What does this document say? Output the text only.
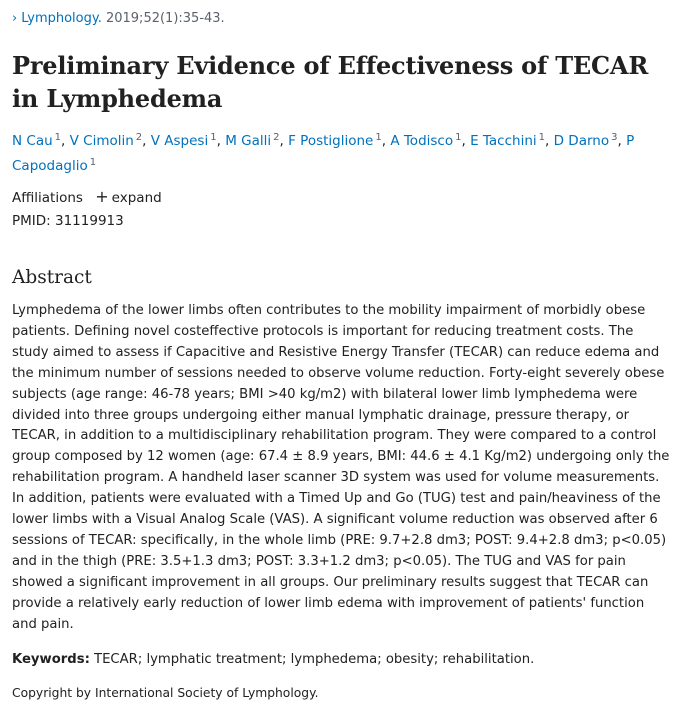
› Lymphology. 2019;52(1):35-43.
Preliminary Evidence of Effectiveness of TECAR in Lymphedema
N Cau $^1$, V Cimolin $^2$, V Aspesi $^1$, M Galli $^2$, F Postiglione $^1$, A Todisco $^1$, E Tacchini $^1$, D Darno $^3$, P Capodaglio $^1$
Affiliations + expand
PMID: 31119913
Abstract
Lymphedema of the lower limbs often contributes to the mobility impairment of morbidly obese patients. Defining novel costeffective protocols is important for reducing treatment costs. The study aimed to assess if Capacitive and Resistive Energy Transfer (TECAR) can reduce edema and the minimum number of sessions needed to observe volume reduction. Forty-eight severely obese subjects (age range: 46-78 years; BMI >40 kg/m2) with bilateral lower limb lymphedema were divided into three groups undergoing either manual lymphatic drainage, pressure therapy, or TECAR, in addition to a multidisciplinary rehabilitation program. They were compared to a control group composed by 12 women (age: 67.4 ± 8.9 years, BMI: 44.6 ± 4.1 Kg/m2) undergoing only the rehabilitation program. A handheld laser scanner 3D system was used for volume measurements. In addition, patients were evaluated with a Timed Up and Go (TUG) test and pain/heaviness of the lower limbs with a Visual Analog Scale (VAS). A significant volume reduction was observed after 6 sessions of TECAR: specifically, in the whole limb (PRE: 9.7+2.8 dm3; POST: 9.4+2.8 dm3; p<0.05) and in the thigh (PRE: 3.5+1.3 dm3; POST: 3.3+1.2 dm3; p<0.05). The TUG and VAS for pain showed a significant improvement in all groups. Our preliminary results suggest that TECAR can provide a relatively early reduction of lower limb edema with improvement of patients' function and pain.
Keywords: TECAR; lymphatic treatment; lymphedema; obesity; rehabilitation.
Copyright by International Society of Lymphology.
